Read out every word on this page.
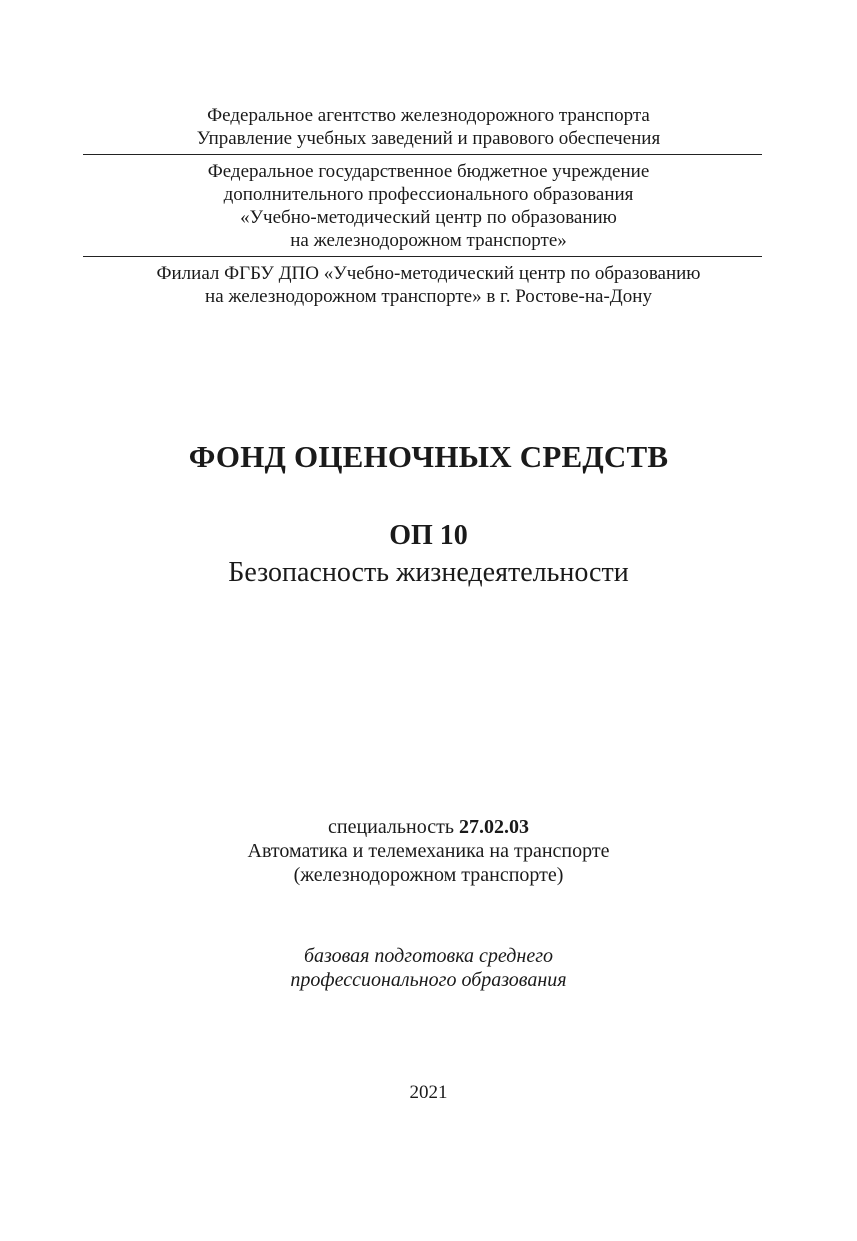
Федеральное агентство железнодорожного транспорта
Управление учебных заведений и правового обеспечения
Федеральное государственное бюджетное учреждение
дополнительного профессионального образования
«Учебно-методический центр по образованию
на железнодорожном транспорте»
Филиал ФГБУ ДПО «Учебно-методический центр по образованию
на железнодорожном транспорте» в г. Ростове-на-Дону
ФОНД ОЦЕНОЧНЫХ СРЕДСТВ
ОП 10
Безопасность жизнедеятельности
специальность 27.02.03
Автоматика и телемеханика на транспорте
(железнодорожном транспорте)
базовая подготовка среднего
профессионального образования
2021
